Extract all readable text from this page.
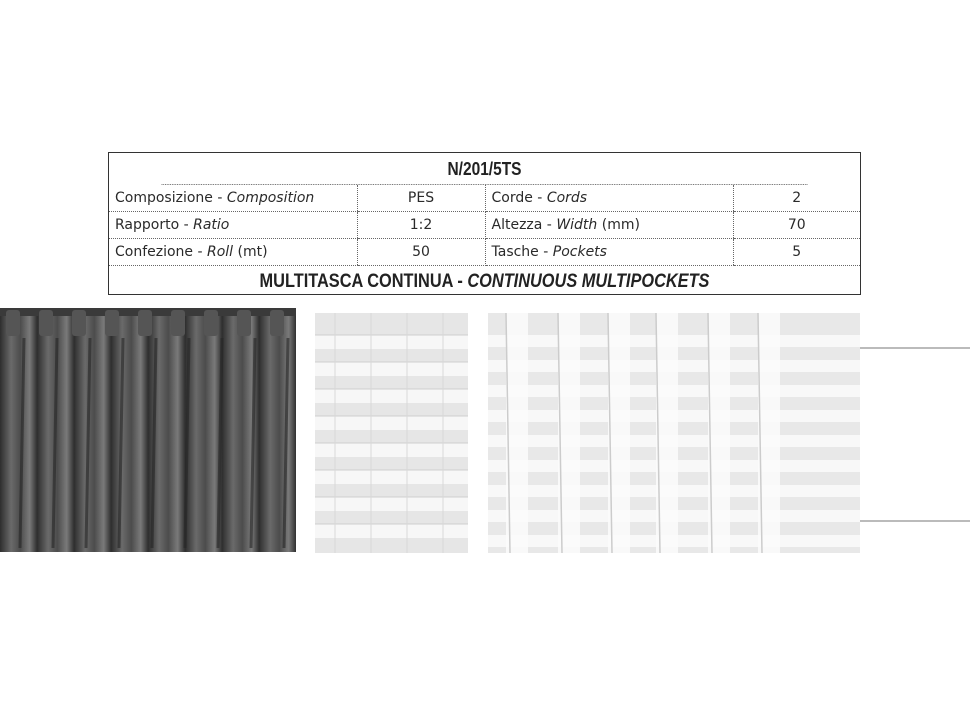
N/201/5TS
Composizione - Composition	PES	Corde - Cords	2
Rapporto - Ratio	1:2	Altezza - Width (mm)	70
Confezione - Roll (mt)	50	Tasche - Pockets	5
MULTITASCA CONTINUA - CONTINUOUS MULTIPOCKETS
